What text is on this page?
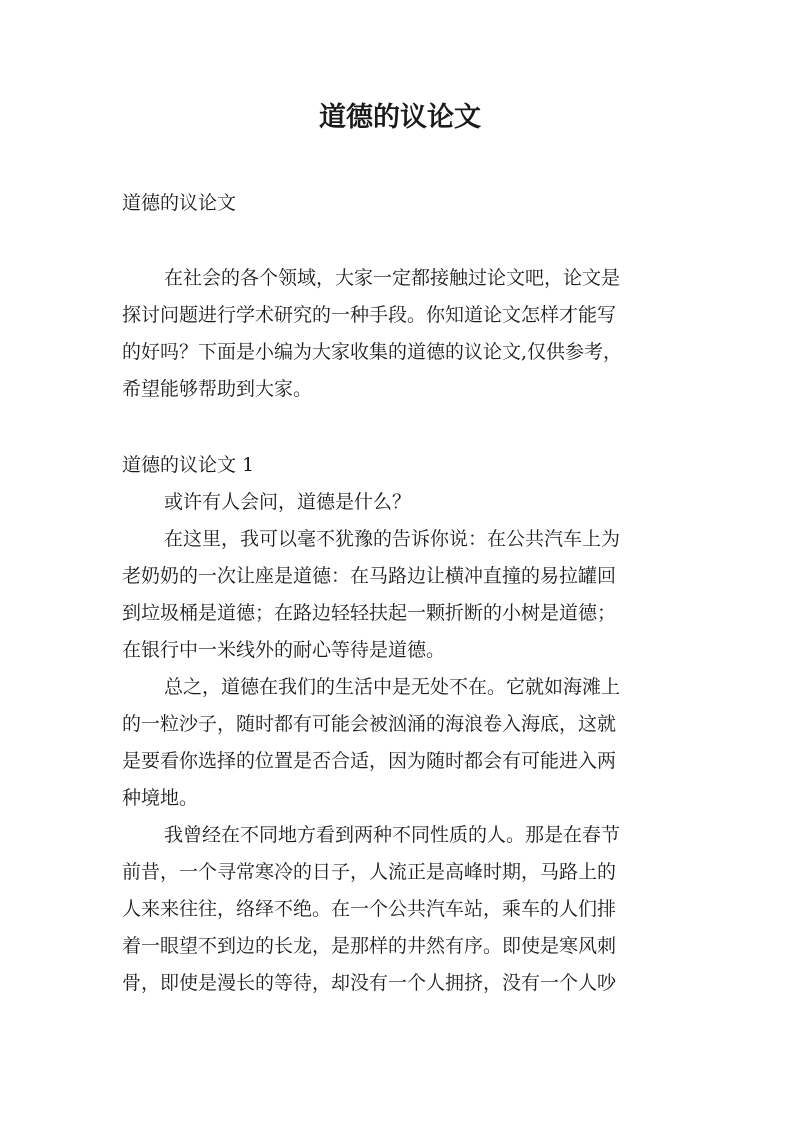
道德的议论文

道德的议论文

在社会的各个领域，大家一定都接触过论文吧，论文是

探讨问题进行学术研究的一种手段。你知道论文怎样才能写

的好吗？下面是小编为大家收集的道德的议论文,仅供参考，

希望能够帮助到大家。

道德的议论文 1

或许有人会问，道德是什么？

在这里，我可以毫不犹豫的告诉你说：在公共汽车上为

老奶奶的一次让座是道德：在马路边让横冲直撞的易拉罐回

到垃圾桶是道德；在路边轻轻扶起一颗折断的小树是道德；

在银行中一米线外的耐心等待是道德。

总之，道德在我们的生活中是无处不在。它就如海滩上

的一粒沙子，随时都有可能会被汹涌的海浪卷入海底，这就

是要看你选择的位置是否合适，因为随时都会有可能进入两

种境地。

我曾经在不同地方看到两种不同性质的人。那是在春节

前昔，一个寻常寒冷的日子，人流正是高峰时期，马路上的

人来来往往，络绎不绝。在一个公共汽车站，乘车的人们排

着一眼望不到边的长龙，是那样的井然有序。即使是寒风刺

骨，即使是漫长的等待，却没有一个人拥挤，没有一个人吵
